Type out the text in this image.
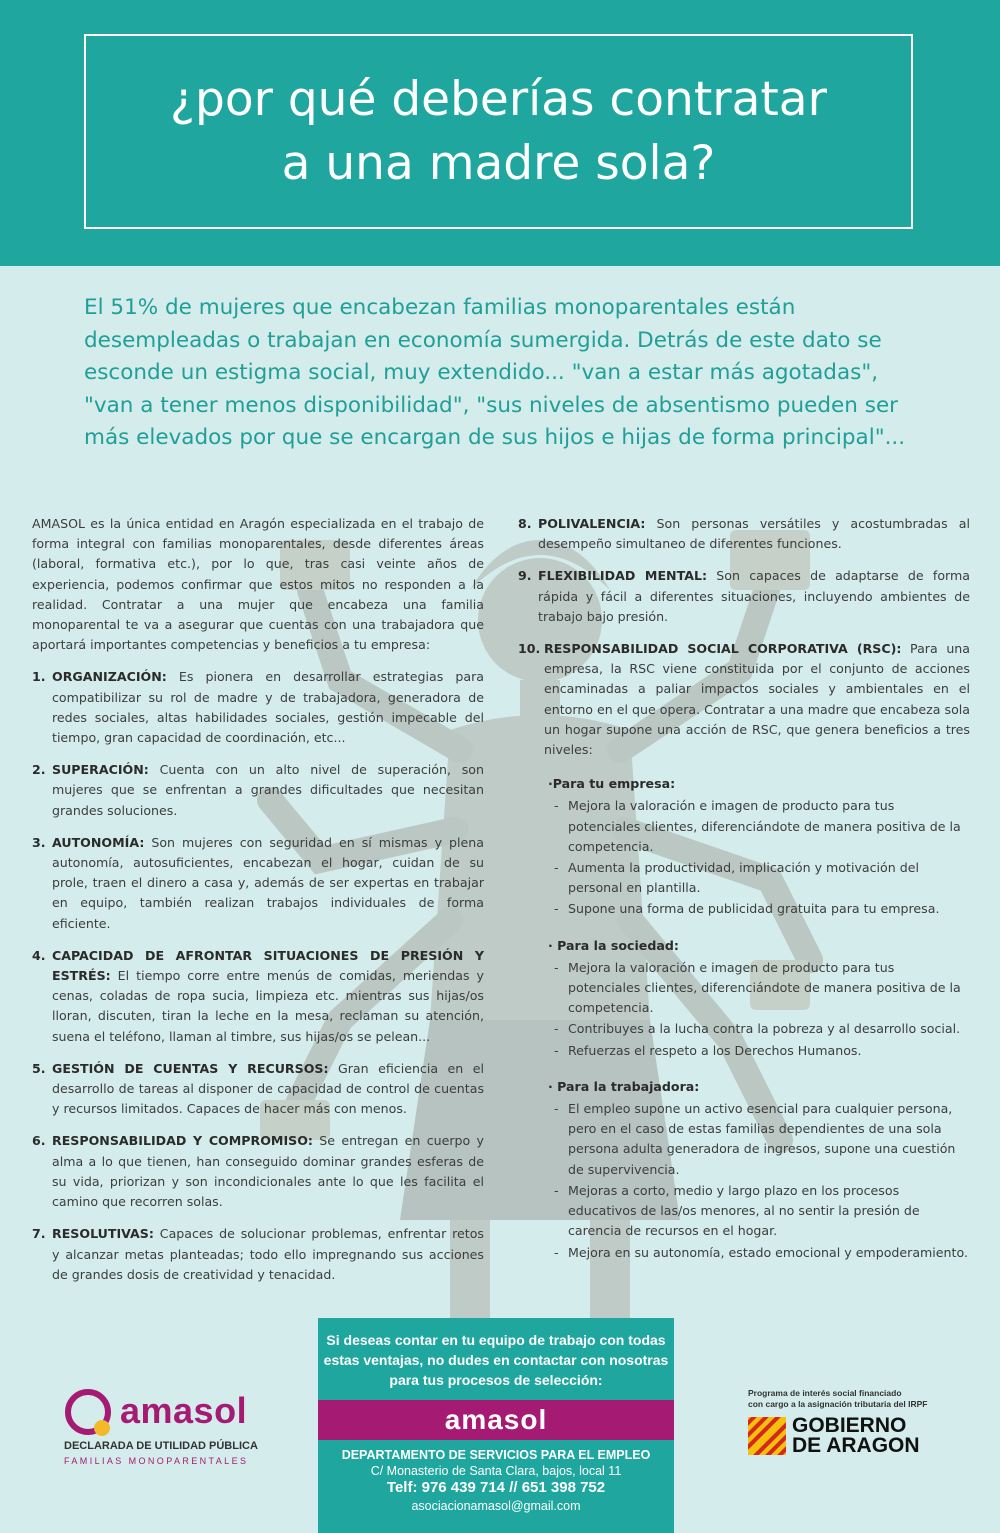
¿por qué deberías contratar
a una madre sola?
El 51% de mujeres que encabezan familias monoparentales están desempleadas o trabajan en economía sumergida. Detrás de este dato se esconde un estigma social, muy extendido... "van a estar más agotadas", "van a tener menos disponibilidad", "sus niveles de absentismo pueden ser más elevados por que se encargan de sus hijos e hijas de forma principal"...

AMASOL es la única entidad en Aragón especializada en el trabajo de forma integral con familias monoparentales, desde diferentes áreas (laboral, formativa etc.), por lo que, tras casi veinte años de experiencia, podemos confirmar que estos mitos no responden a la realidad. Contratar a una mujer que encabeza una familia monoparental te va a asegurar que cuentas con una trabajadora que aportará importantes competencias y beneficios a tu empresa:

1. ORGANIZACIÓN: Es pionera en desarrollar estrategias para compatibilizar su rol de madre y de trabajadora, generadora de redes sociales, altas habilidades sociales, gestión impecable del tiempo, gran capacidad de coordinación, etc...
2. SUPERACIÓN: Cuenta con un alto nivel de superación, son mujeres que se enfrentan a grandes dificultades que necesitan grandes soluciones.
3. AUTONOMÍA: Son mujeres con seguridad en sí mismas y plena autonomía, autosuficientes, encabezan el hogar, cuidan de su prole, traen el dinero a casa y, además de ser expertas en trabajar en equipo, también realizan trabajos individuales de forma eficiente.
4. CAPACIDAD DE AFRONTAR SITUACIONES DE PRESIÓN Y ESTRÉS: El tiempo corre entre menús de comidas, meriendas y cenas, coladas de ropa sucia, limpieza etc. mientras sus hijas/os lloran, discuten, tiran la leche en la mesa, reclaman su atención, suena el teléfono, llaman al timbre, sus hijas/os se pelean...
5. GESTIÓN DE CUENTAS Y RECURSOS: Gran eficiencia en el desarrollo de tareas al disponer de capacidad de control de cuentas y recursos limitados. Capaces de hacer más con menos.
6. RESPONSABILIDAD Y COMPROMISO: Se entregan en cuerpo y alma a lo que tienen, han conseguido dominar grandes esferas de su vida, priorizan y son incondicionales ante lo que les facilita el camino que recorren solas.
7. RESOLUTIVAS: Capaces de solucionar problemas, enfrentar retos y alcanzar metas planteadas; todo ello impregnando sus acciones de grandes dosis de creatividad y tenacidad.
8. POLIVALENCIA: Son personas versátiles y acostumbradas al desempeño simultaneo de diferentes funciones.
9. FLEXIBILIDAD MENTAL: Son capaces de adaptarse de forma rápida y fácil a diferentes situaciones, incluyendo ambientes de trabajo bajo presión.
10. RESPONSABILIDAD SOCIAL CORPORATIVA (RSC): Para una empresa, la RSC viene constituida por el conjunto de acciones encaminadas a paliar impactos sociales y ambientales en el entorno en el que opera. Contratar a una madre que encabeza sola un hogar supone una acción de RSC, que genera beneficios a tres niveles:
·Para tu empresa:
- Mejora la valoración e imagen de producto para tus potenciales clientes, diferenciándote de manera positiva de la competencia.
- Aumenta la productividad, implicación y motivación del personal en plantilla.
- Supone una forma de publicidad gratuita para tu empresa.
· Para la sociedad:
- Mejora la valoración e imagen de producto para tus potenciales clientes, diferenciándote de manera positiva de la competencia.
- Contribuyes a la lucha contra la pobreza y al desarrollo social.
- Refuerzas el respeto a los Derechos Humanos.
· Para la trabajadora:
- El empleo supone un activo esencial para cualquier persona, pero en el caso de estas familias dependientes de una sola persona adulta generadora de ingresos, supone una cuestión de supervivencia.
- Mejoras a corto, medio y largo plazo en los procesos educativos de las/os menores, al no sentir la presión de carencia de recursos en el hogar.
- Mejora en su autonomía, estado emocional y empoderamiento.
amasol
DECLARADA DE UTILIDAD PÚBLICA
FAMILIAS MONOPARENTALES
Si deseas contar en tu equipo de trabajo con todas estas ventajas, no dudes en contactar con nosotras para tus procesos de selección:
amasol
DEPARTAMENTO DE SERVICIOS PARA EL EMPLEO
C/ Monasterio de Santa Clara, bajos, local 11
Telf: 976 439 714 // 651 398 752
asociacionamasol@gmail.com
Programa de interés social financiado
con cargo a la asignación tributaria del IRPF
GOBIERNO
DE ARAGON
